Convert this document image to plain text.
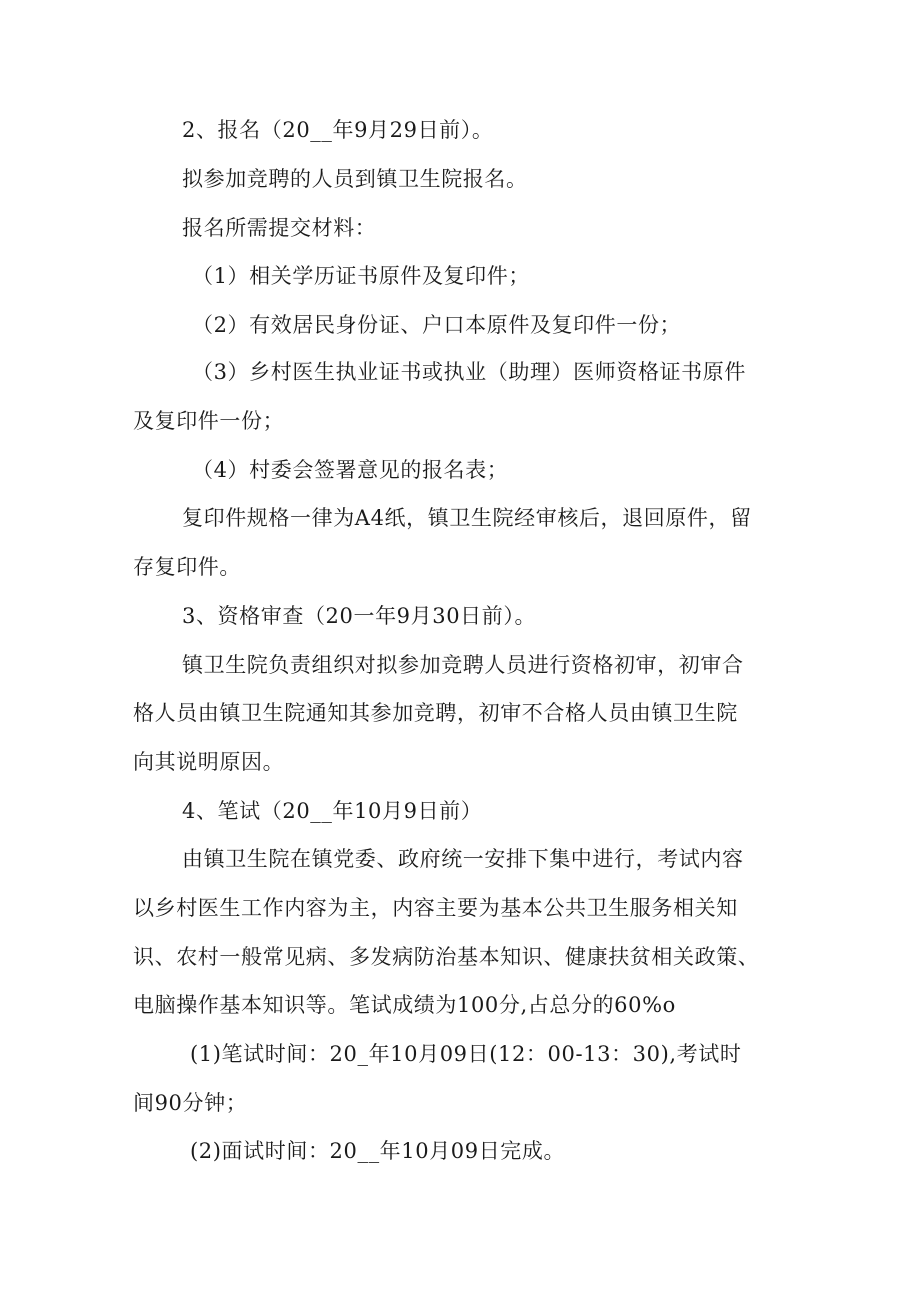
2、报名（20__年9月29日前）。
拟参加竞聘的人员到镇卫生院报名。
报名所需提交材料：
（1）相关学历证书原件及复印件；
（2）有效居民身份证、户口本原件及复印件一份；
（3）乡村医生执业证书或执业（助理）医师资格证书原件
及复印件一份；
（4）村委会签署意见的报名表；
复印件规格一律为A4纸，镇卫生院经审核后，退回原件，留
存复印件。
3、资格审查（20一年9月30日前）。
镇卫生院负责组织对拟参加竞聘人员进行资格初审，初审合
格人员由镇卫生院通知其参加竞聘，初审不合格人员由镇卫生院
向其说明原因。
4、笔试（20__年10月9日前）
由镇卫生院在镇党委、政府统一安排下集中进行，考试内容
以乡村医生工作内容为主，内容主要为基本公共卫生服务相关知
识、农村一般常见病、多发病防治基本知识、健康扶贫相关政策、
电脑操作基本知识等。笔试成绩为100分,占总分的60%o
(1)笔试时间：20_年10月09日(12：00-13：30),考试时
间90分钟；
(2)面试时间：20__年10月09日完成。
